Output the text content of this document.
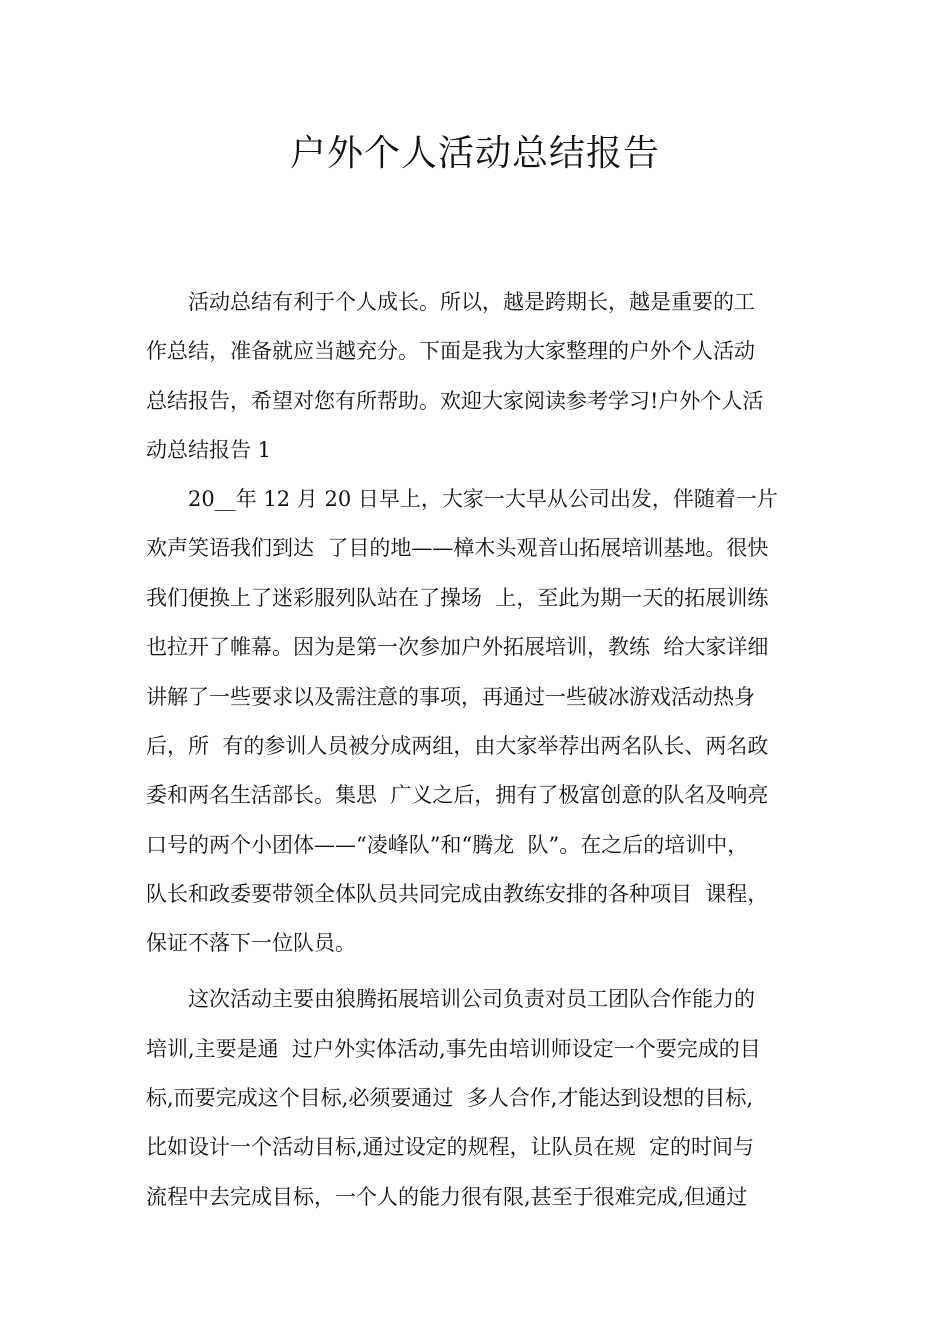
户外个人活动总结报告
活动总结有利于个人成长。所以，越是跨期长，越是重要的工
作总结，准备就应当越充分。下面是我为大家整理的户外个人活动
总结报告，希望对您有所帮助。欢迎大家阅读参考学习!户外个人活
动总结报告 1
20__年 12 月 20 日早上，大家一大早从公司出发，伴随着一片
欢声笑语我们到达  了目的地——樟木头观音山拓展培训基地。很快
我们便换上了迷彩服列队站在了操场  上，至此为期一天的拓展训练
也拉开了帷幕。因为是第一次参加户外拓展培训，教练  给大家详细
讲解了一些要求以及需注意的事项，再通过一些破冰游戏活动热身
后，所  有的参训人员被分成两组，由大家举荐出两名队长、两名政
委和两名生活部长。集思  广义之后，拥有了极富创意的队名及响亮
口号的两个小团体——“凌峰队”和“腾龙  队”。在之后的培训中，
队长和政委要带领全体队员共同完成由教练安排的各种项目  课程，
保证不落下一位队员。
这次活动主要由狼腾拓展培训公司负责对员工团队合作能力的
培训,主要是通  过户外实体活动,事先由培训师设定一个要完成的目
标,而要完成这个目标,必须要通过  多人合作,才能达到设想的目标,
比如设计一个活动目标,通过设定的规程，让队员在规  定的时间与
流程中去完成目标，一个人的能力很有限,甚至于很难完成,但通过
